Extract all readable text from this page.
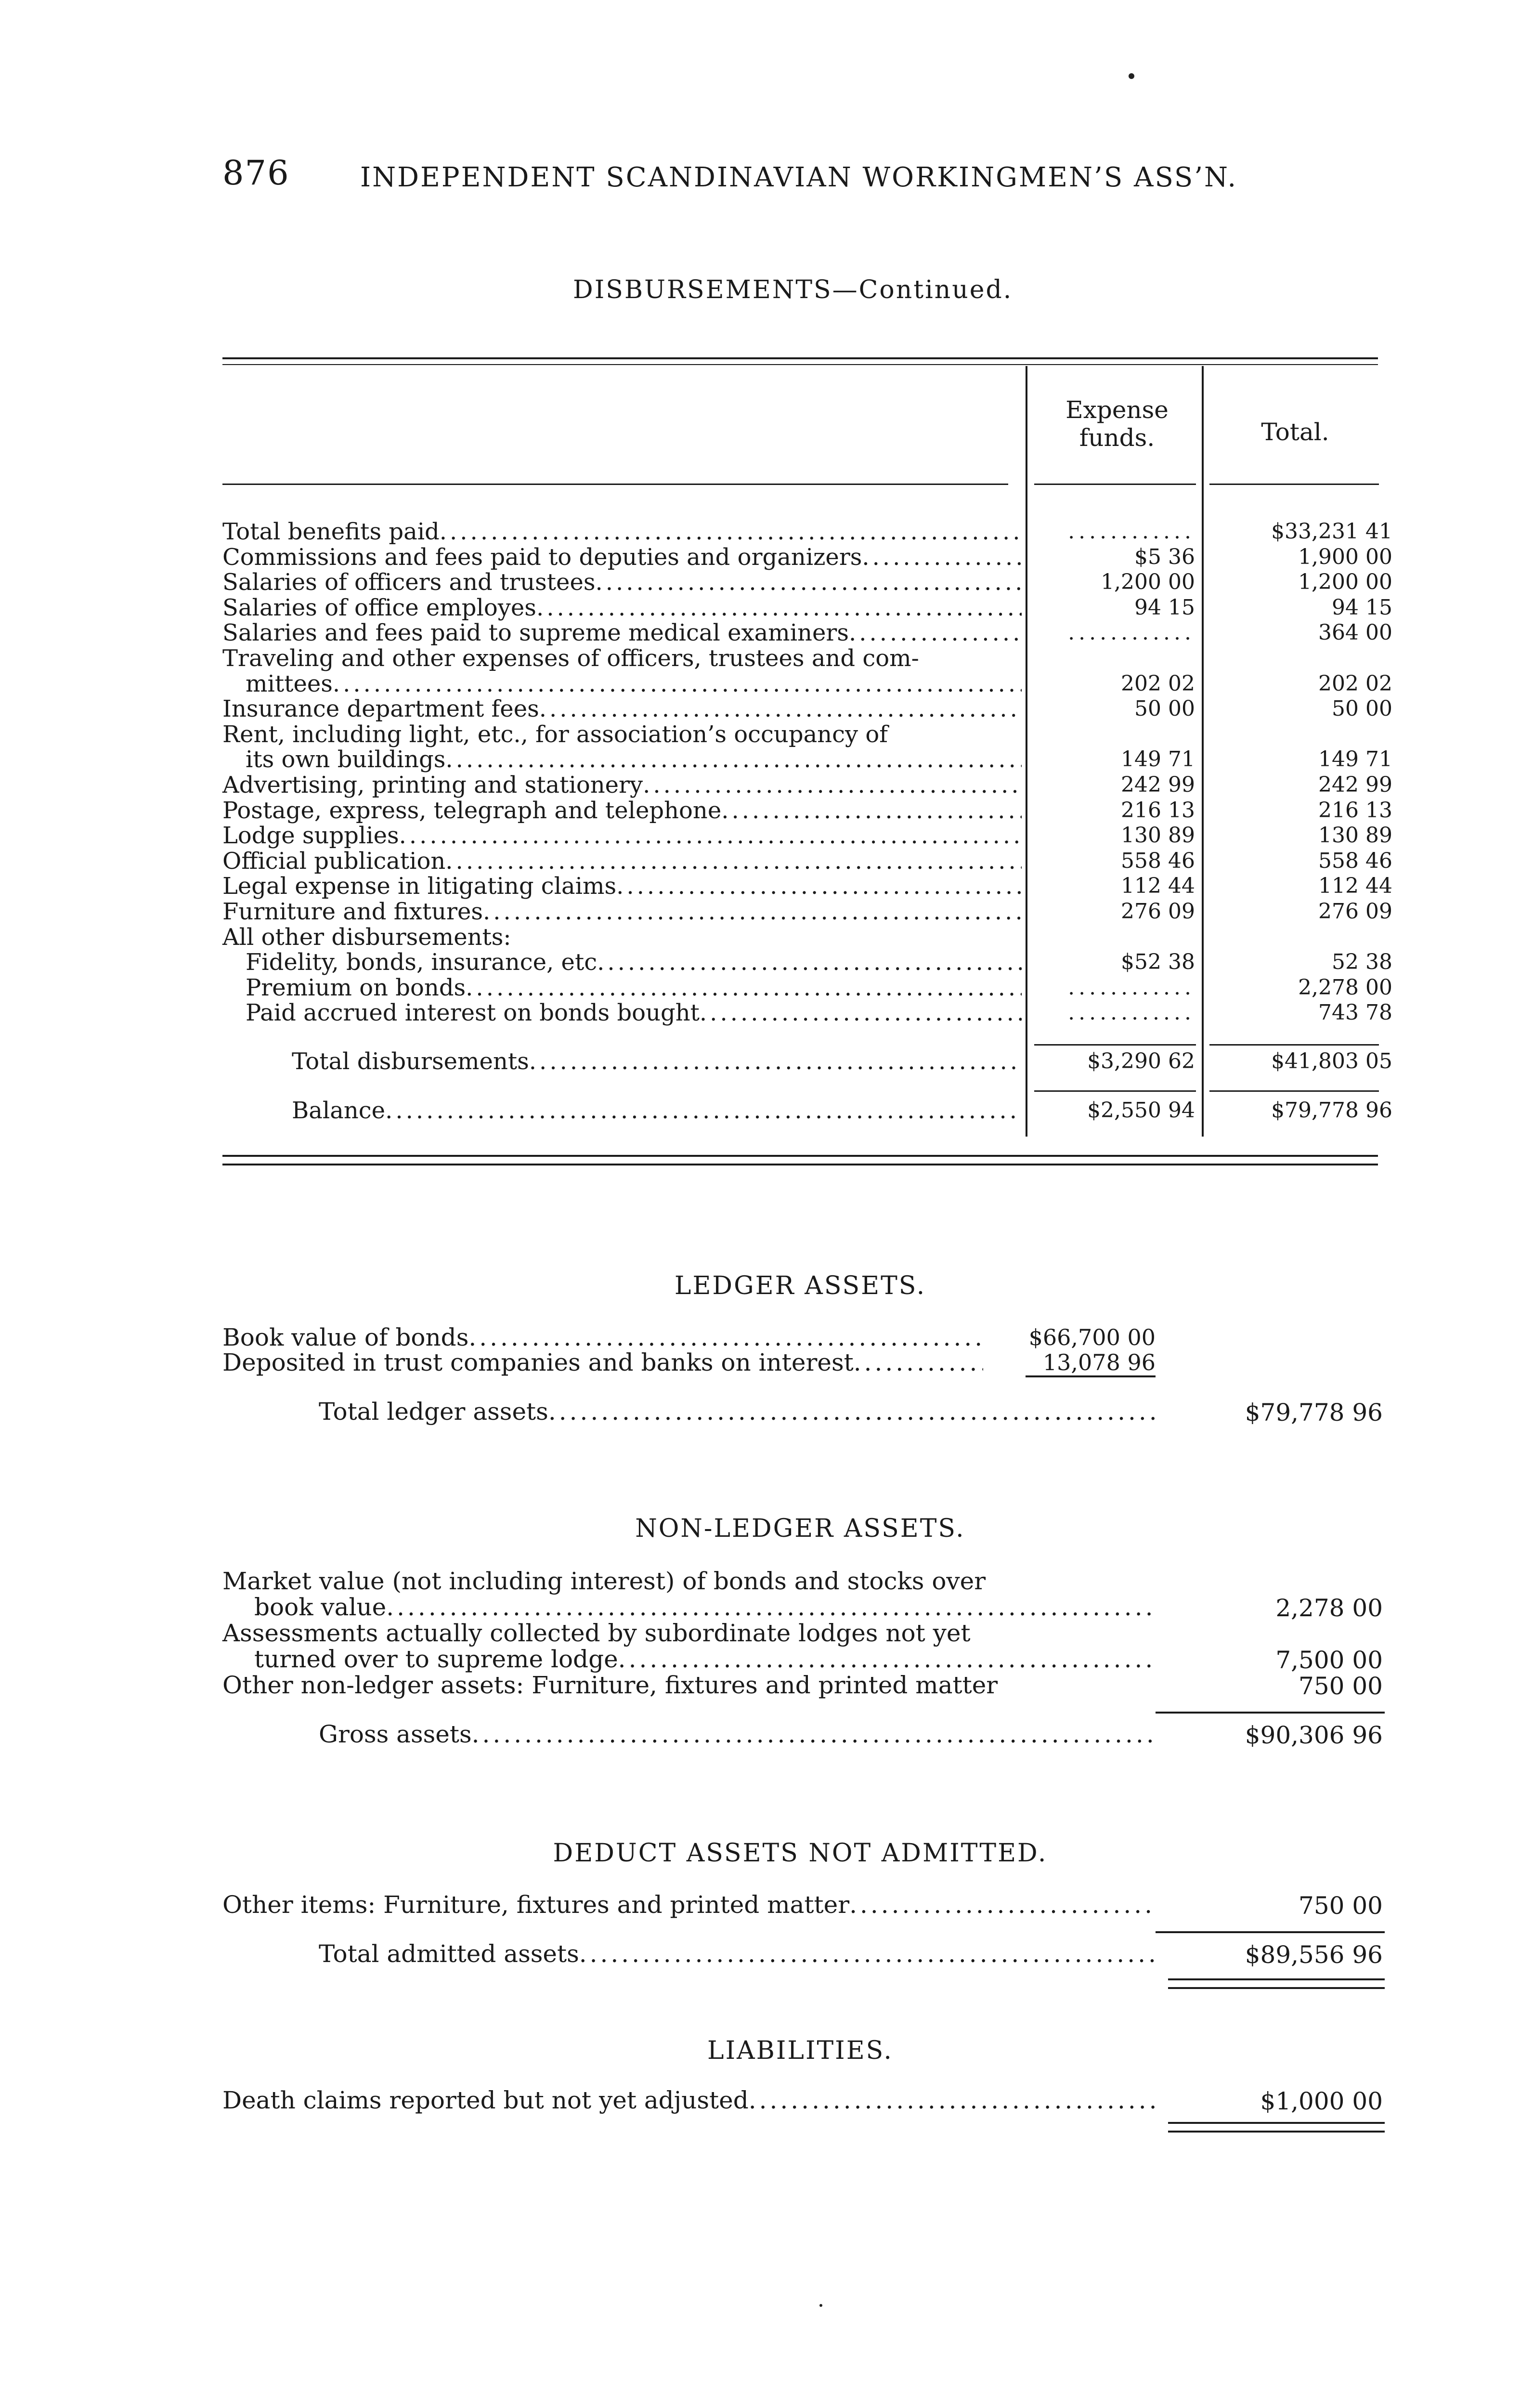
876	INDEPENDENT SCANDINAVIAN WORKINGMEN’S ASS’N.
DISBURSEMENTS—Continued.
Expense
funds.	Total.
Total benefits paid .....	............	$33,231 41
Commissions and fees paid to deputies and organizers .....	$5 36	1,900 00
Salaries of officers and trustees .....	1,200 00	1,200 00
Salaries of office employes .....	94 15	94 15
Salaries and fees paid to supreme medical examiners .....	............	364 00
Traveling and other expenses of officers, trustees and com-
mittees .....	202 02	202 02
Insurance department fees .....	50 00	50 00
Rent, including light, etc., for association’s occupancy of
its own buildings .....	149 71	149 71
Advertising, printing and stationery .....	242 99	242 99
Postage, express, telegraph and telephone .....	216 13	216 13
Lodge supplies .....	130 89	130 89
Official publication .....	558 46	558 46
Legal expense in litigating claims .....	112 44	112 44
Furniture and fixtures .....	276 09	276 09
All other disbursements:
Fidelity, bonds, insurance, etc .....	$52 38	52 38
Premium on bonds .....	............	2,278 00
Paid accrued interest on bonds bought .....	............	743 78
Total disbursements .....	$3,290 62	$41,803 05
Balance .....	$2,550 94	$79,778 96
LEDGER ASSETS.
Book value of bonds .....	$66,700 00
Deposited in trust companies and banks on interest .....	13,078 96
Total ledger assets .....	$79,778 96
NON-LEDGER ASSETS.
Market value (not including interest) of bonds and stocks over
book value .....	2,278 00
Assessments actually collected by subordinate lodges not yet
turned over to supreme lodge .....	7,500 00
Other non-ledger assets: Furniture, fixtures and printed matter	750 00
Gross assets .....	$90,306 96
DEDUCT ASSETS NOT ADMITTED.
Other items: Furniture, fixtures and printed matter .....	750 00
Total admitted assets .....	$89,556 96
LIABILITIES.
Death claims reported but not yet adjusted .....	$1,000 00
